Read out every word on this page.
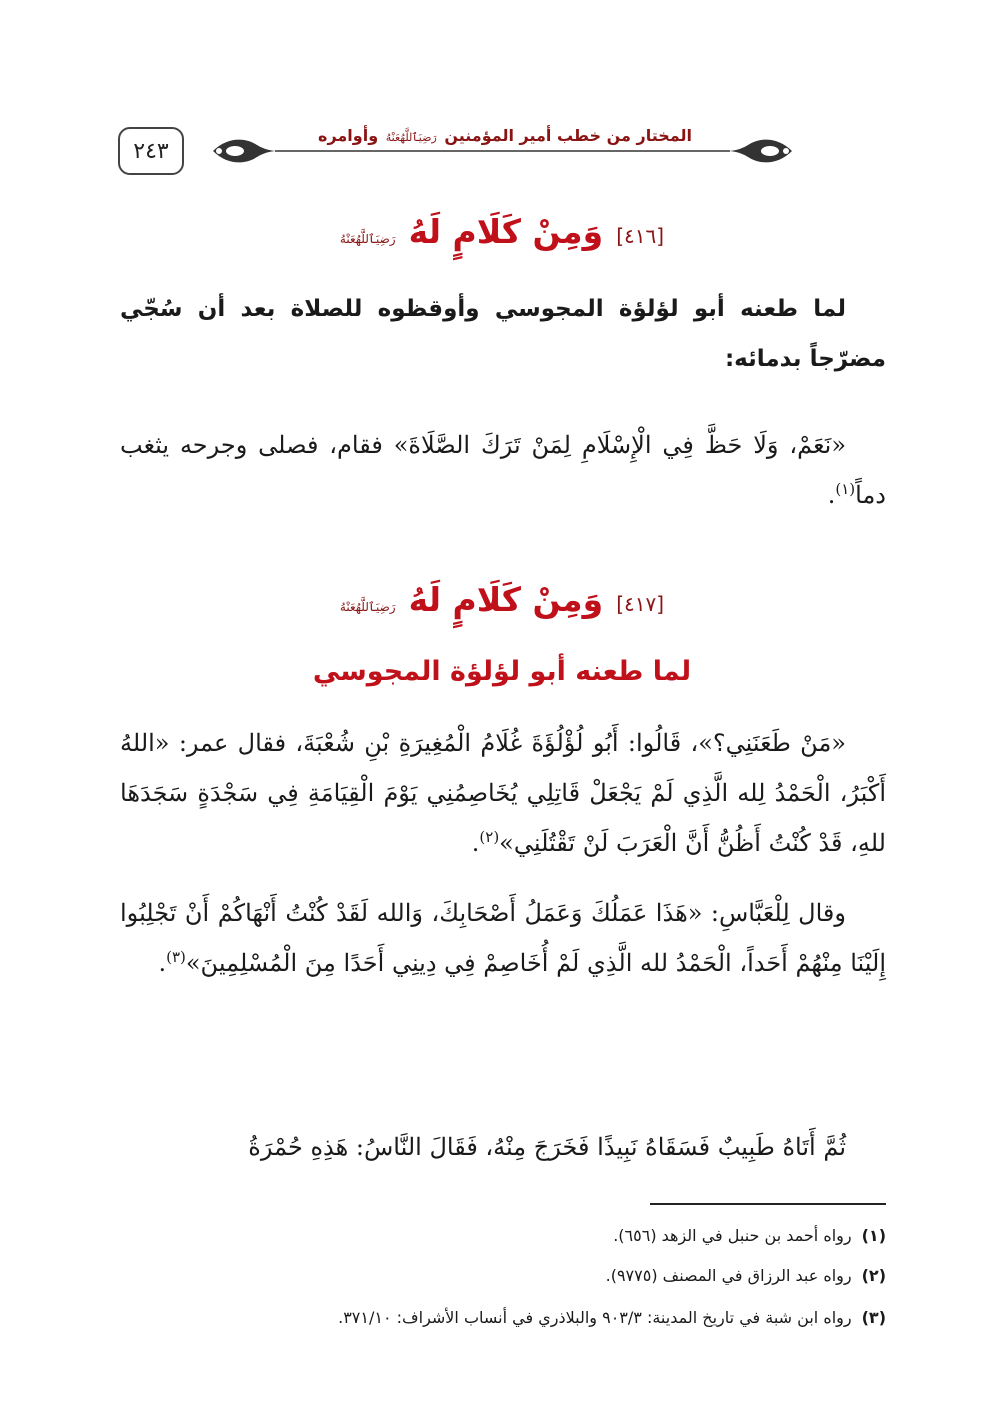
٢٤٣
المختار من خطب أمير المؤمنين رَضِيَٱللَّهُعَنْهُ وأوامره
[٤١٦] وَمِنْ كَلَامٍ لَهُ رَضِيَٱللَّهُعَنْهُ
لما طعنه أبو لؤلؤة المجوسي وأوقظوه للصلاة بعد أن سُجّي مضرّجاً بدمائه:
«نَعَمْ، وَلَا حَظَّ فِي الْإِسْلَامِ لِمَنْ تَرَكَ الصَّلَاةَ» فقام، فصلى وجرحه يثغب دماً$^{(١)}$.
[٤١٧] وَمِنْ كَلَامٍ لَهُ رَضِيَٱللَّهُعَنْهُ
لما طعنه أبو لؤلؤة المجوسي
«مَنْ طَعَنَنِي؟»، قَالُوا: أَبُو لُؤْلُؤَةَ غُلَامُ الْمُغِيرَةِ بْنِ شُعْبَةَ، فقال عمر: «اللهُ أَكْبَرُ، الْحَمْدُ لِله الَّذِي لَمْ يَجْعَلْ قَاتِلِي يُخَاصِمُنِي يَوْمَ الْقِيَامَةِ فِي سَجْدَةٍ سَجَدَهَا للهِ، قَدْ كُنْتُ أَظُنُّ أَنَّ الْعَرَبَ لَنْ تَقْتُلَنِي»$^{(٢)}$.
وقال لِلْعَبَّاسِ: «هَذَا عَمَلُكَ وَعَمَلُ أَصْحَابِكَ، وَالله لَقَدْ كُنْتُ أَنْهَاكُمْ أَنْ تَجْلِبُوا إِلَيْنَا مِنْهُمْ أَحَداً، الْحَمْدُ لله الَّذِي لَمْ أُخَاصِمْ فِي دِينِي أَحَدًا مِنَ الْمُسْلِمِينَ»$^{(٣)}$.
ثُمَّ أَتَاهُ طَبِيبٌ فَسَقَاهُ نَبِيذًا فَخَرَجَ مِنْهُ، فَقَالَ النَّاسُ: هَذِهِ حُمْرَةُ
(١)رواه أحمد بن حنبل في الزهد (٦٥٦).
(٢)رواه عبد الرزاق في المصنف (٩٧٧٥).
(٣)رواه ابن شبة في تاريخ المدينة: ٩٠٣/٣ والبلاذري في أنساب الأشراف: ٣٧١/١٠.
